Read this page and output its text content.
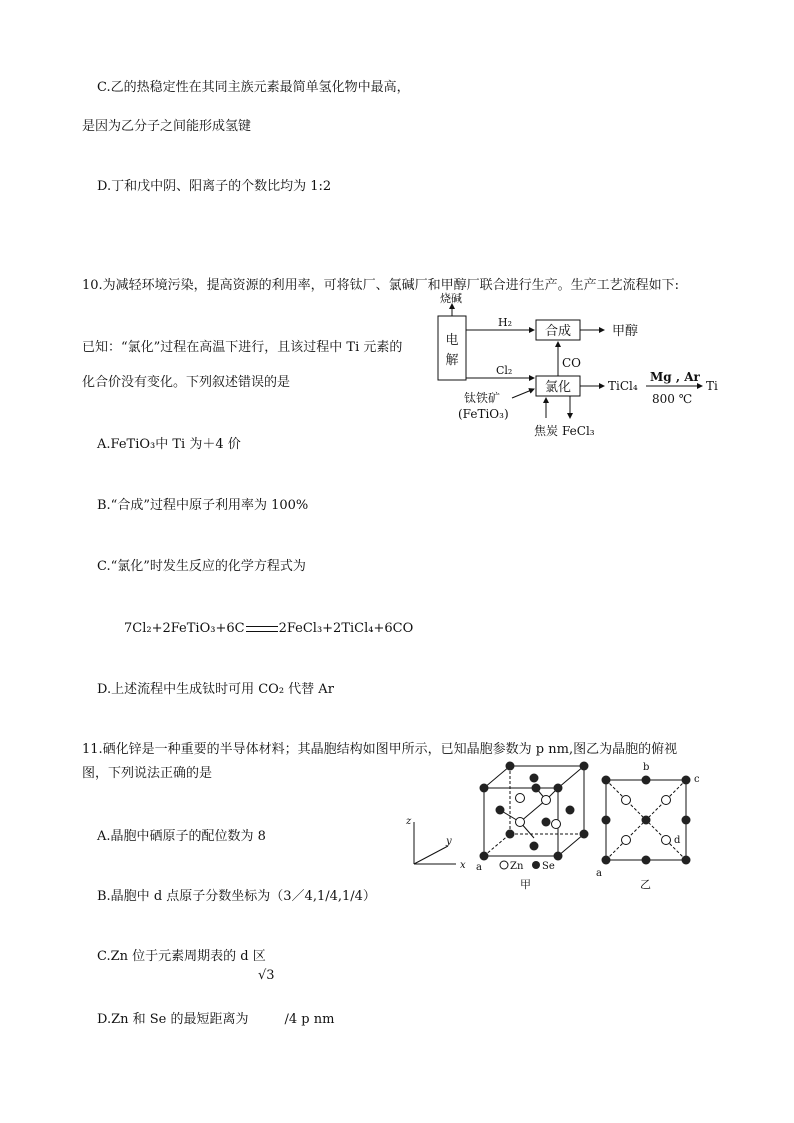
C.乙的热稳定性在其同主族元素最简单氢化物中最高，
是因为乙分子之间能形成氢键
D.丁和戊中阴、阳离子的个数比均为 1:2
10.为减轻环境污染，提高资源的利用率，可将钛厂、氯碱厂和甲醇厂联合进行生产。生产工艺流程如下:
已知：“氯化”过程在高温下进行，且该过程中 Ti 元素的
化合价没有变化。下列叙述错误的是
电
解
烧碱
H₂
合成	甲醇
Cl₂
氯化
CO
钛铁矿
(FeTiO₃)
TiCl₄
Mg , Ar
800 ℃
Ti
焦炭 FeCl₃
A.FeTiO₃中 Ti 为＋4 价
B.“合成”过程中原子利用率为 100%
C.“氯化”时发生反应的化学方程式为
7Cl₂+2FeTiO₃+6C	2FeCl₃+2TiCl₄+6CO
D.上述流程中生成钛时可用 CO₂ 代替 Ar
11.硒化锌是一种重要的半导体材料；其晶胞结构如图甲所示，已知晶胞参数为 p nm,图乙为晶胞的俯视
图，下列说法正确的是
z
y
x a	Zn Se
甲
b
c
d
a
乙
A.晶胞中硒原子的配位数为 8
B.晶胞中 d 点原子分数坐标为（3／4,1/4,1/4）
C.Zn 位于元素周期表的 d 区
√3
D.Zn 和 Se 的最短距离为	/4 p nm
